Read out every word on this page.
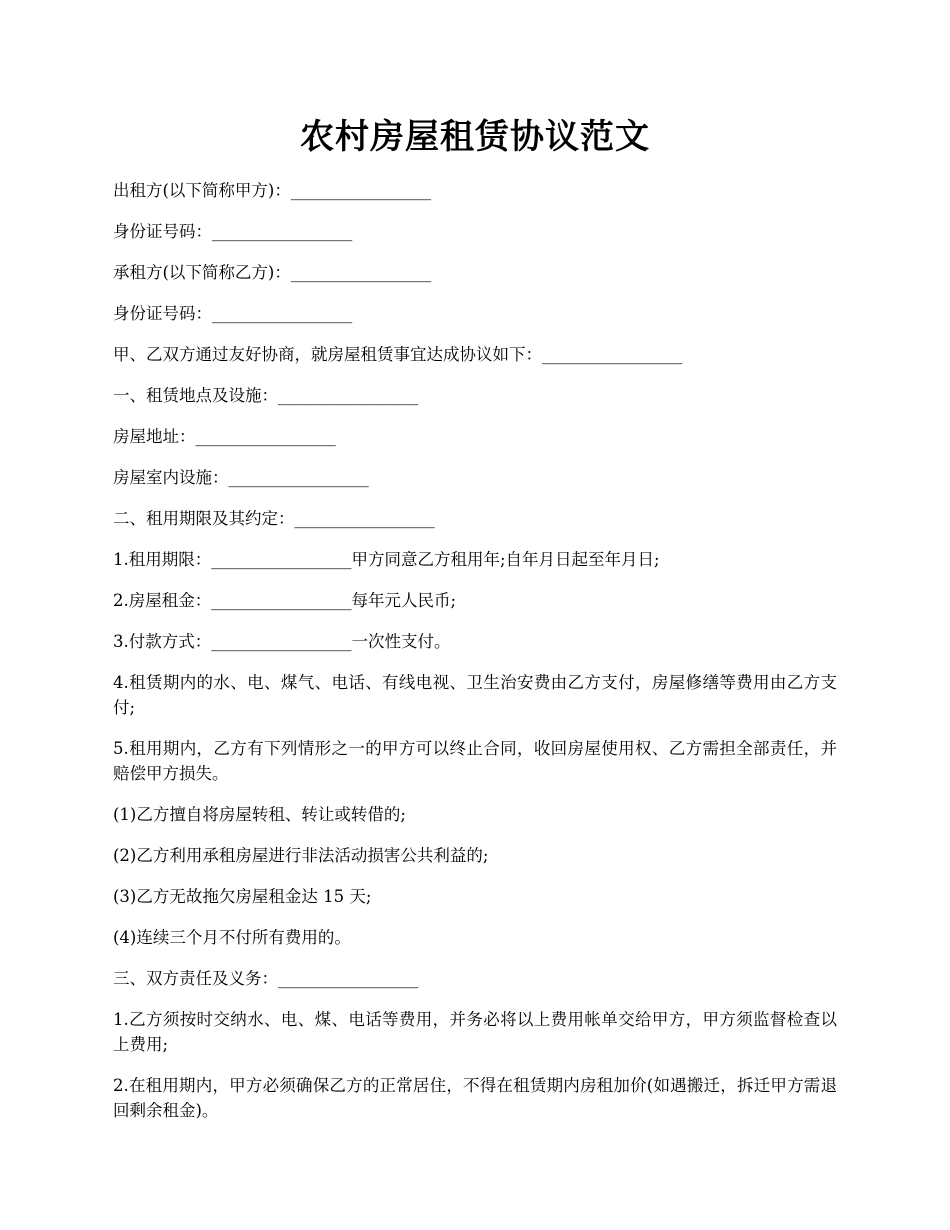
农村房屋租赁协议范文

出租方(以下简称甲方)：_________________

身份证号码：_________________

承租方(以下简称乙方)：_________________

身份证号码：_________________

甲、乙双方通过友好协商，就房屋租赁事宜达成协议如下：_________________

一、租赁地点及设施：_________________

房屋地址：_________________

房屋室内设施：_________________

二、租用期限及其约定：_________________

1.租用期限：_________________甲方同意乙方租用年;自年月日起至年月日;

2.房屋租金：_________________每年元人民币;

3.付款方式：_________________一次性支付。

4.租赁期内的水、电、煤气、电话、有线电视、卫生治安费由乙方支付，房屋修缮等费用由乙方支付;

5.租用期内，乙方有下列情形之一的甲方可以终止合同，收回房屋使用权、乙方需担全部责任，并赔偿甲方损失。

(1)乙方擅自将房屋转租、转让或转借的;

(2)乙方利用承租房屋进行非法活动损害公共利益的;

(3)乙方无故拖欠房屋租金达 15 天;

(4)连续三个月不付所有费用的。

三、双方责任及义务：_________________

1.乙方须按时交纳水、电、煤、电话等费用，并务必将以上费用帐单交给甲方，甲方须监督检查以上费用;

2.在租用期内，甲方必须确保乙方的正常居住，不得在租赁期内房租加价(如遇搬迁，拆迁甲方需退回剩余租金)。
